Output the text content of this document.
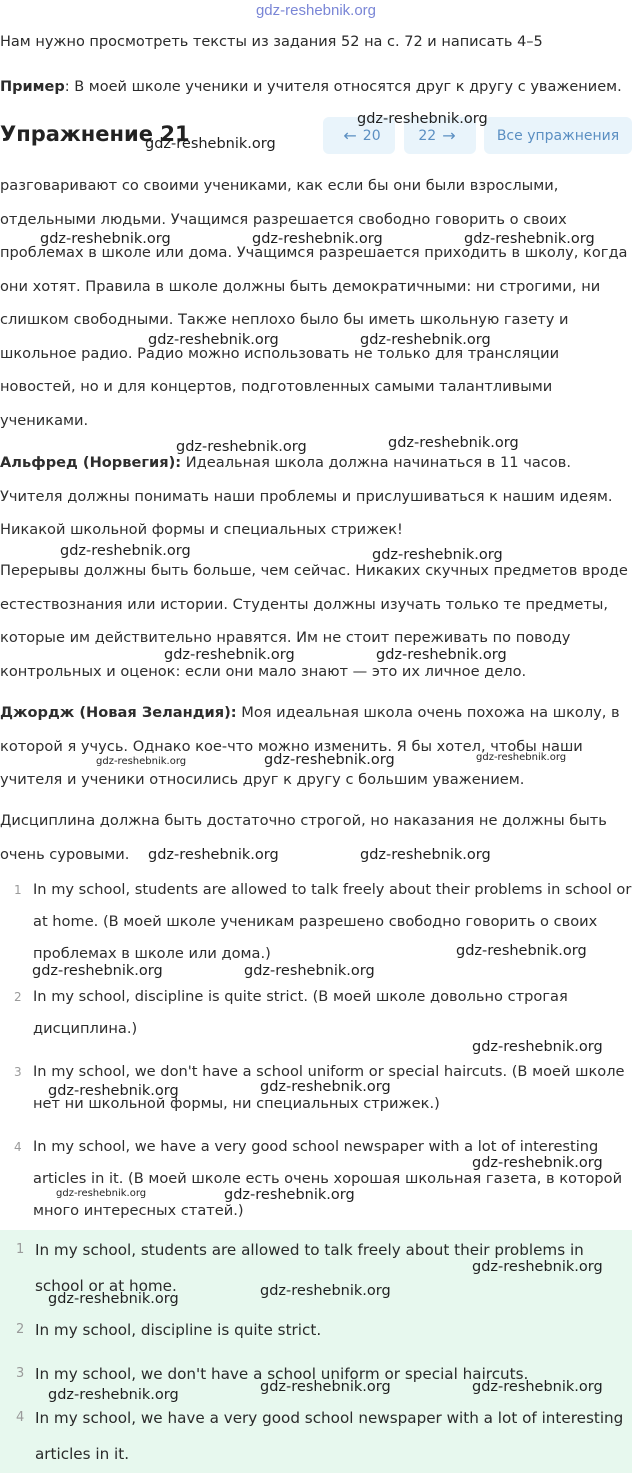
gdz-reshebnik.org
Нам нужно просмотреть тексты из задания 52 на с. 72 и написать 4–5
Пример: В моей школе ученики и учителя относятся друг к другу с уважением.
Упражнение 21	← 20	22 →	Все упражнения
разговаривают со своими учениками, как если бы они были взрослыми, отдельными людьми. Учащимся разрешается свободно говорить о своих проблемах в школе или дома. Учащимся разрешается приходить в школу, когда они хотят. Правила в школе должны быть демократичными: ни строгими, ни слишком свободными. Также неплохо было бы иметь школьную газету и школьное радио. Радио можно использовать не только для трансляции новостей, но и для концертов, подготовленных самыми талантливыми учениками.
Альфред (Норвегия): Идеальная школа должна начинаться в 11 часов. Учителя должны понимать наши проблемы и прислушиваться к нашим идеям. Никакой школьной формы и специальных стрижек!
Перерывы должны быть больше, чем сейчас. Никаких скучных предметов вроде естествознания или истории. Студенты должны изучать только те предметы, которые им действительно нравятся. Им не стоит переживать по поводу контрольных и оценок: если они мало знают — это их личное дело.
Джордж (Новая Зеландия): Моя идеальная школа очень похожа на школу, в которой я учусь. Однако кое-что можно изменить. Я бы хотел, чтобы наши учителя и ученики относились друг к другу с большим уважением.
Дисциплина должна быть достаточно строгой, но наказания не должны быть очень суровыми.
1 In my school, students are allowed to talk freely about their problems in school or at home. (В моей школе ученикам разрешено свободно говорить о своих проблемах в школе или дома.)
2 In my school, discipline is quite strict. (В моей школе довольно строгая дисциплина.)
3 In my school, we don't have a school uniform or special haircuts. (В моей школе нет ни школьной формы, ни специальных стрижек.)
4 In my school, we have a very good school newspaper with a lot of interesting articles in it. (В моей школе есть очень хорошая школьная газета, в которой много интересных статей.)
1 In my school, students are allowed to talk freely about their problems in school or at home.
2 In my school, discipline is quite strict.
3 In my school, we don't have a school uniform or special haircuts.
4 In my school, we have a very good school newspaper with a lot of interesting articles in it.
gdz-reshebnik.org
gdz-reshebnik.org
gdz-reshebnik.org	gdz-reshebnik.org	gdz-reshebnik.org
gdz-reshebnik.org	gdz-reshebnik.org
gdz-reshebnik.org	gdz-reshebnik.org
gdz-reshebnik.org	gdz-reshebnik.org
gdz-reshebnik.org	gdz-reshebnik.org
gdz-reshebnik.org	gdz-reshebnik.org	gdz-reshebnik.org
gdz-reshebnik.org	gdz-reshebnik.org
gdz-reshebnik.org
gdz-reshebnik.org	gdz-reshebnik.org
gdz-reshebnik.org
gdz-reshebnik.org	gdz-reshebnik.org
gdz-reshebnik.org
gdz-reshebnik.org	gdz-reshebnik.org
gdz-reshebnik.org
gdz-reshebnik.org	gdz-reshebnik.org
gdz-reshebnik.org	gdz-reshebnik.org	gdz-reshebnik.org
